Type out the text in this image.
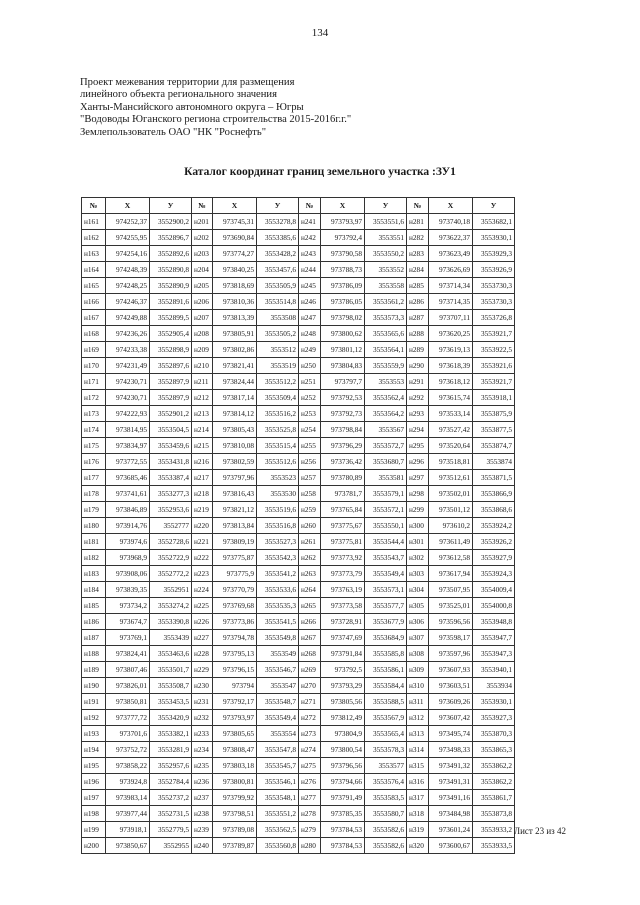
134
Проект межевания территории для размещения
линейного объекта регионального значения
Ханты-Мансийского автономного округа – Югры
"Водоводы Юганского региона строительства 2015-2016г.г."
Землепользователь ОАО "НК "Роснефть"
Каталог координат границ земельного участка :ЗУ1
№	X	У	№	X	У	№	X	У	№	X	У
н161	974252,37	3552900,2	н201	973745,31	3553278,8	н241	973793,97	3553551,6	н281	973740,18	3553682,1
н162	974255,95	3552896,7	н202	973690,84	3553385,6	н242	973792,4	3553551	н282	973622,37	3553930,1
н163	974254,16	3552892,6	н203	973774,27	3553428,2	н243	973790,58	3553550,2	н283	973623,49	3553929,3
н164	974248,39	3552890,8	н204	973840,25	3553457,6	н244	973788,73	3553552	н284	973626,69	3553926,9
н165	974248,25	3552890,9	н205	973818,69	3553505,9	н245	973786,09	3553558	н285	973714,34	3553730,3
н166	974246,37	3552891,6	н206	973810,36	3553514,8	н246	973786,05	3553561,2	н286	973714,35	3553730,3
н167	974249,88	3552899,5	н207	973813,39	3553508	н247	973798,02	3553573,3	н287	973707,11	3553726,8
н168	974236,26	3552905,4	н208	973805,91	3553505,2	н248	973800,62	3553565,6	н288	973620,25	3553921,7
н169	974233,38	3552898,9	н209	973802,86	3553512	н249	973801,12	3553564,1	н289	973619,13	3553922,5
н170	974231,49	3552897,6	н210	973821,41	3553519	н250	973804,83	3553559,9	н290	973618,39	3553921,6
н171	974230,71	3552897,9	н211	973824,44	3553512,2	н251	973797,7	3553553	н291	973618,12	3553921,7
н172	974230,71	3552897,9	н212	973817,14	3553509,4	н252	973792,53	3553562,4	н292	973615,74	3553918,1
н173	974222,93	3552901,2	н213	973814,12	3553516,2	н253	973792,73	3553564,2	н293	973533,14	3553875,9
н174	973814,95	3553504,5	н214	973805,43	3553525,8	н254	973798,84	3553567	н294	973527,42	3553877,5
н175	973834,97	3553459,6	н215	973810,08	3553515,4	н255	973796,29	3553572,7	н295	973520,64	3553874,7
н176	973772,55	3553431,8	н216	973802,59	3553512,6	н256	973736,42	3553680,7	н296	973518,81	3553874
н177	973685,46	3553387,4	н217	973797,96	3553523	н257	973780,89	3553581	н297	973512,61	3553871,5
н178	973741,61	3553277,3	н218	973816,43	3553530	н258	973781,7	3553579,1	н298	973502,01	3553866,9
н179	973846,89	3552953,6	н219	973821,12	3553519,6	н259	973765,84	3553572,1	н299	973501,12	3553868,6
н180	973914,76	3552777	н220	973813,84	3553516,8	н260	973775,67	3553550,1	н300	973610,2	3553924,2
н181	973974,6	3552728,6	н221	973809,19	3553527,3	н261	973775,81	3553544,4	н301	973611,49	3553926,2
н182	973968,9	3552722,9	н222	973775,87	3553542,3	н262	973773,92	3553543,7	н302	973612,58	3553927,9
н183	973908,06	3552772,2	н223	973775,9	3553541,2	н263	973773,79	3553549,4	н303	973617,94	3553924,3
н184	973839,35	3552951	н224	973770,79	3553533,6	н264	973763,19	3553573,1	н304	973507,95	3554009,4
н185	973734,2	3553274,2	н225	973769,68	3553535,3	н265	973773,58	3553577,7	н305	973525,01	3554000,8
н186	973674,7	3553390,8	н226	973773,86	3553541,5	н266	973728,91	3553677,9	н306	973596,56	3553948,8
н187	973769,1	3553439	н227	973794,78	3553549,8	н267	973747,69	3553684,9	н307	973598,17	3553947,7
н188	973824,41	3553463,6	н228	973795,13	3553549	н268	973791,84	3553585,8	н308	973597,96	3553947,3
н189	973807,46	3553501,7	н229	973796,15	3553546,7	н269	973792,5	3553586,1	н309	973607,93	3553940,1
н190	973826,01	3553508,7	н230	973794	3553547	н270	973793,29	3553584,4	н310	973603,51	3553934
н191	973850,81	3553453,5	н231	973792,17	3553548,7	н271	973805,56	3553588,5	н311	973609,26	3553930,1
н192	973777,72	3553420,9	н232	973793,97	3553549,4	н272	973812,49	3553567,9	н312	973607,42	3553927,3
н193	973701,6	3553382,1	н233	973805,65	3553554	н273	973804,9	3553565,4	н313	973495,74	3553870,3
н194	973752,72	3553281,9	н234	973808,47	3553547,8	н274	973800,54	3553578,3	н314	973498,33	3553865,3
н195	973858,22	3552957,6	н235	973803,18	3553545,7	н275	973796,56	3553577	н315	973491,32	3553862,2
н196	973924,8	3552784,4	н236	973800,81	3553546,1	н276	973794,66	3553576,4	н316	973491,31	3553862,2
н197	973983,14	3552737,2	н237	973799,92	3553548,1	н277	973791,49	3553583,5	н317	973491,16	3553861,7
н198	973977,44	3552731,5	н238	973798,51	3553551,2	н278	973785,35	3553580,7	н318	973484,98	3553873,8
н199	973918,1	3552779,5	н239	973789,08	3553562,5	н279	973784,53	3553582,6	н319	973601,24	3553933,2
н200	973850,67	3552955	н240	973789,87	3553560,8	н280	973784,53	3553582,6	н320	973600,67	3553933,5
Лист 23 из 42
